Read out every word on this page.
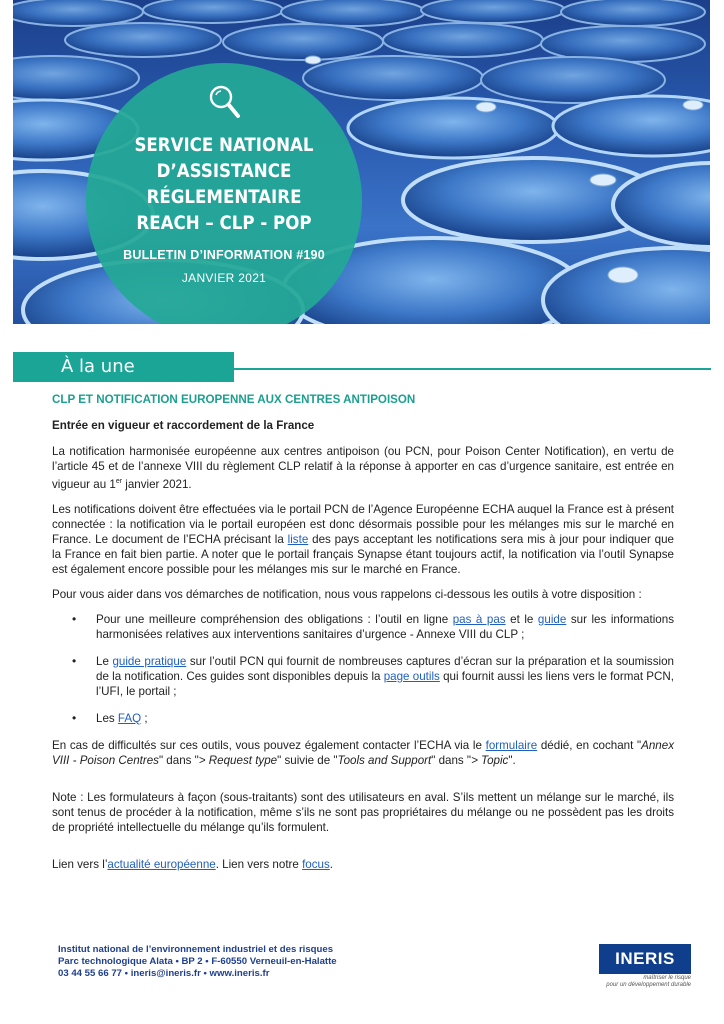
SERVICE NATIONAL
D’ASSISTANCE
RÉGLEMENTAIRE
REACH – CLP - POP
BULLETIN D’INFORMATION #190
JANVIER 2021
À la une

CLP ET NOTIFICATION EUROPENNE AUX CENTRES ANTIPOISON

Entrée en vigueur et raccordement de la France

La notification harmonisée européenne aux centres antipoison (ou PCN, pour Poison Center Notification), en vertu de l’article 45 et de l’annexe VIII du règlement CLP relatif à la réponse à apporter en cas d’urgence sanitaire, est entrée en vigueur au 1er janvier 2021.

Les notifications doivent être effectuées via le portail PCN de l’Agence Européenne ECHA auquel la France est à présent connectée : la notification via le portail européen est donc désormais possible pour les mélanges mis sur le marché en France. Le document de l’ECHA précisant la liste des pays acceptant les notifications sera mis à jour pour indiquer que la France en fait bien partie. A noter que le portail français Synapse étant toujours actif, la notification via l’outil Synapse est également encore possible pour les mélanges mis sur le marché en France.

Pour vous aider dans vos démarches de notification, nous vous rappelons ci-dessous les outils à votre disposition :

• Pour une meilleure compréhension des obligations : l’outil en ligne pas à pas et le guide sur les informations harmonisées relatives aux interventions sanitaires d’urgence - Annexe VIII du CLP ;
• Le guide pratique sur l’outil PCN qui fournit de nombreuses captures d’écran sur la préparation et la soumission de la notification. Ces guides sont disponibles depuis la page outils qui fournit aussi les liens vers le format PCN, l’UFI, le portail ;
• Les FAQ ;

En cas de difficultés sur ces outils, vous pouvez également contacter l’ECHA via le formulaire dédié, en cochant "Annex VIII - Poison Centres" dans "> Request type" suivie de "Tools and Support" dans "> Topic".

Note : Les formulateurs à façon (sous-traitants) sont des utilisateurs en aval. S’ils mettent un mélange sur le marché, ils sont tenus de procéder à la notification, même s’ils ne sont pas propriétaires du mélange ou ne possèdent pas les droits de propriété intellectuelle du mélange qu’ils formulent.

Lien vers l’actualité européenne. Lien vers notre focus.

Institut national de l’environnement industriel et des risques
Parc technologique Alata • BP 2 • F-60550 Verneuil-en-Halatte
03 44 55 66 77 • ineris@ineris.fr • www.ineris.fr
INERIS
maîtriser le risque
pour un développement durable
